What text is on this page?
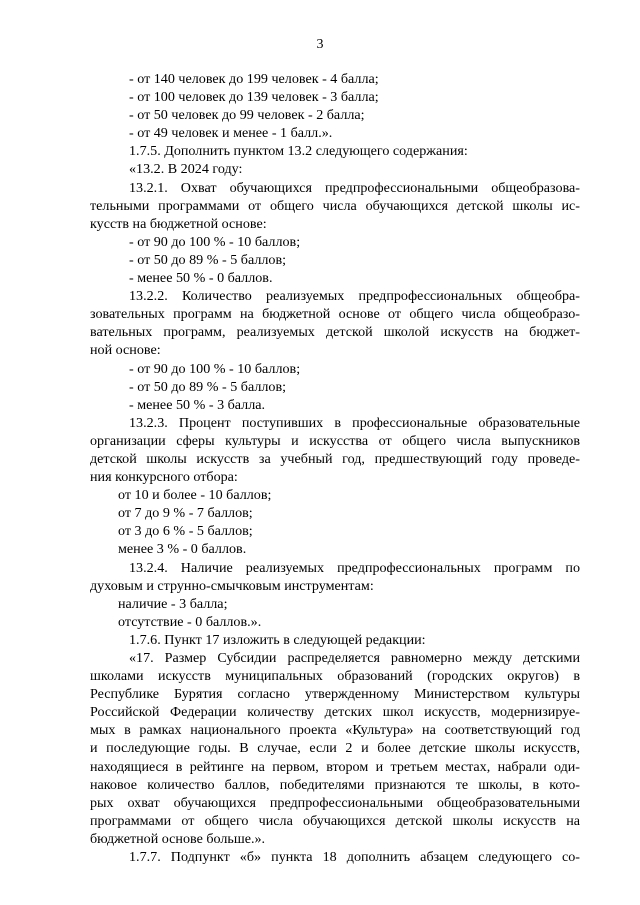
3
- от 140 человек до 199 человек - 4 балла;
- от 100 человек до 139 человек - 3 балла;
- от 50 человек до 99 человек - 2 балла;
- от 49 человек и менее - 1 балл.».
1.7.5. Дополнить пунктом 13.2 следующего содержания:
«13.2. В 2024 году:
13.2.1. Охват обучающихся предпрофессиональными общеобразова-
тельными программами от общего числа обучающихся детской школы ис-
кусств на бюджетной основе:
- от 90 до 100 % - 10 баллов;
- от 50 до 89 % - 5 баллов;
- менее 50 % - 0 баллов.
13.2.2. Количество реализуемых предпрофессиональных общеобра-
зовательных программ на бюджетной основе от общего числа общеобразо-
вательных программ, реализуемых детской школой искусств на бюджет-
ной основе:
- от 90 до 100 % - 10 баллов;
- от 50 до 89 % - 5 баллов;
- менее 50 % - 3 балла.
13.2.3. Процент поступивших в профессиональные образовательные
организации сферы культуры и искусства от общего числа выпускников
детской школы искусств за учебный год, предшествующий году проведе-
ния конкурсного отбора:
от 10 и более - 10 баллов;
от 7 до 9 % - 7 баллов;
от 3 до 6 % - 5 баллов;
менее 3 % - 0 баллов.
13.2.4. Наличие реализуемых предпрофессиональных программ по
духовым и струнно-смычковым инструментам:
наличие - 3 балла;
отсутствие - 0 баллов.».
1.7.6. Пункт 17 изложить в следующей редакции:
«17. Размер Субсидии распределяется равномерно между детскими
школами искусств муниципальных образований (городских округов) в
Республике Бурятия согласно утвержденному Министерством культуры
Российской Федерации количеству детских школ искусств, модернизируе-
мых в рамках национального проекта «Культура» на соответствующий год
и последующие годы. В случае, если 2 и более детские школы искусств,
находящиеся в рейтинге на первом, втором и третьем местах, набрали оди-
наковое количество баллов, победителями признаются те школы, в кото-
рых охват обучающихся предпрофессиональными общеобразовательными
программами от общего числа обучающихся детской школы искусств на
бюджетной основе больше.».
1.7.7. Подпункт «б» пункта 18 дополнить абзацем следующего со-
